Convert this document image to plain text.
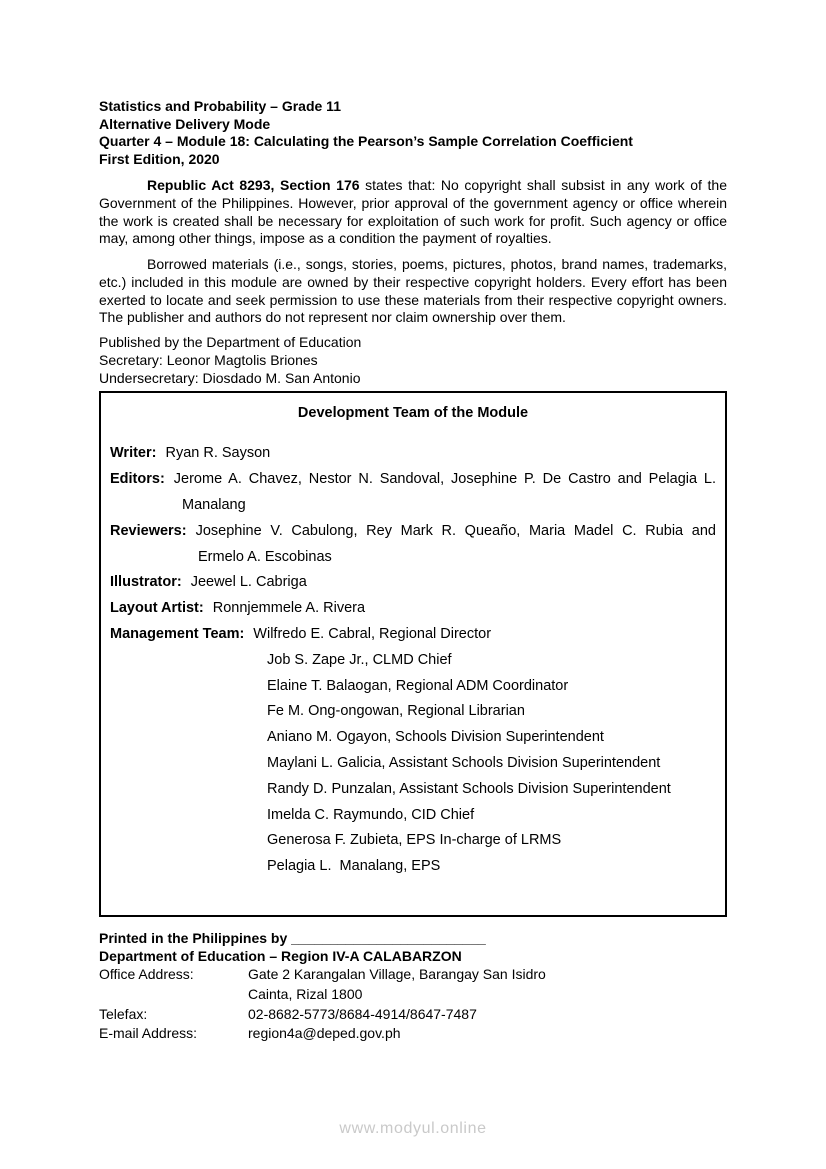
Statistics and Probability – Grade 11
Alternative Delivery Mode
Quarter 4 – Module 18: Calculating the Pearson’s Sample Correlation Coefficient
First Edition, 2020

Republic Act 8293, Section 176 states that: No copyright shall subsist in any work of the Government of the Philippines. However, prior approval of the government agency or office wherein the work is created shall be necessary for exploitation of such work for profit. Such agency or office may, among other things, impose as a condition the payment of royalties.

Borrowed materials (i.e., songs, stories, poems, pictures, photos, brand names, trademarks, etc.) included in this module are owned by their respective copyright holders. Every effort has been exerted to locate and seek permission to use these materials from their respective copyright owners. The publisher and authors do not represent nor claim ownership over them.

Published by the Department of Education
Secretary: Leonor Magtolis Briones
Undersecretary: Diosdado M. San Antonio
Development Team of the Module
Writer: Ryan R. Sayson
Editors: Jerome A. Chavez, Nestor N. Sandoval, Josephine P. De Castro and Pelagia L.
Manalang
Reviewers: Josephine V. Cabulong, Rey Mark R. Queaño, Maria Madel C. Rubia and
Ermelo A. Escobinas
Illustrator: Jeewel L. Cabriga
Layout Artist: Ronnjemmele A. Rivera
Management Team: Wilfredo E. Cabral, Regional Director
Job S. Zape Jr., CLMD Chief
Elaine T. Balaogan, Regional ADM Coordinator
Fe M. Ong-ongowan, Regional Librarian
Aniano M. Ogayon, Schools Division Superintendent
Maylani L. Galicia, Assistant Schools Division Superintendent
Randy D. Punzalan, Assistant Schools Division Superintendent
Imelda C. Raymundo, CID Chief
Generosa F. Zubieta, EPS In-charge of LRMS
Pelagia L.  Manalang, EPS
Printed in the Philippines by _________________________
Department of Education – Region IV-A CALABARZON
Office Address:	Gate 2 Karangalan Village, Barangay San Isidro
Cainta, Rizal 1800
Telefax:	02-8682-5773/8684-4914/8647-7487
E-mail Address:	region4a@deped.gov.ph
www.modyul.online
